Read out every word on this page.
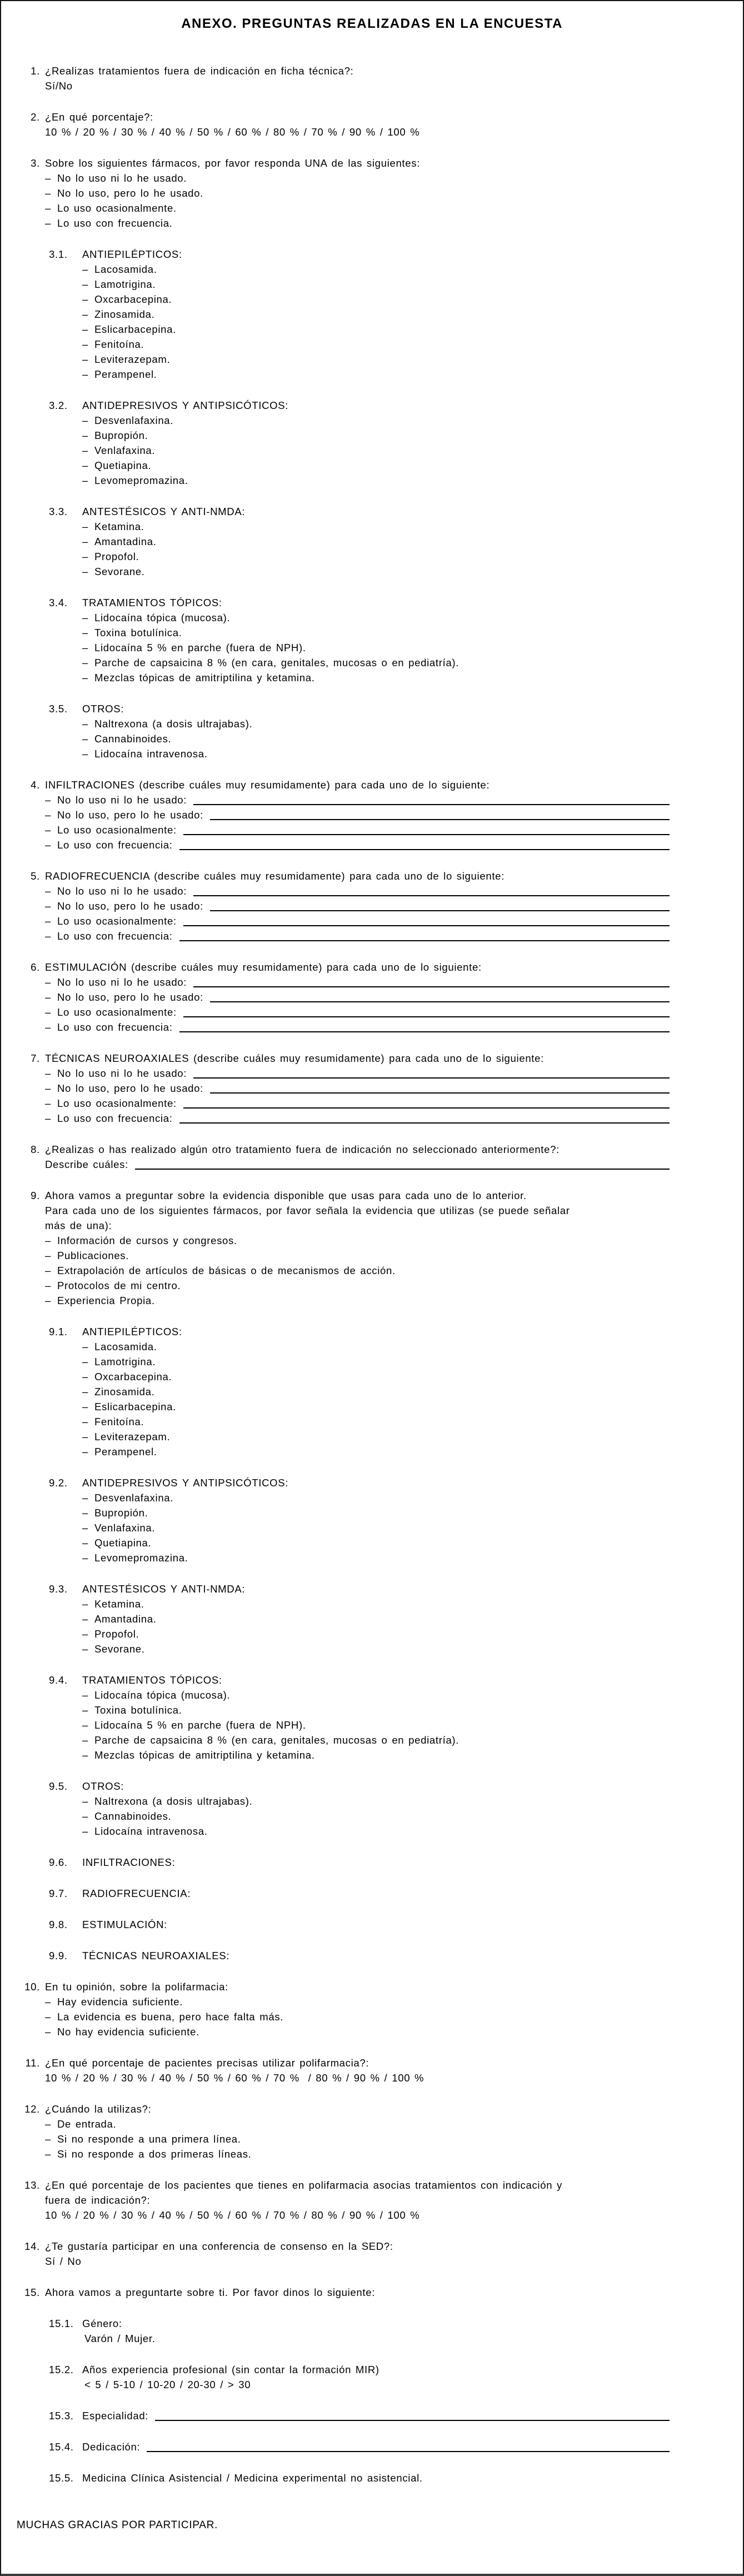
ANEXO. PREGUNTAS REALIZADAS EN LA ENCUESTA
1. ¿Realizas tratamientos fuera de indicación en ficha técnica?:
Sí/No
2. ¿En qué porcentaje?:
10 % / 20 % / 30 % / 40 % / 50 % / 60 % / 80 % / 70 % / 90 % / 100 %
3. Sobre los siguientes fármacos, por favor responda UNA de las siguientes:
– No lo uso ni lo he usado.
– No lo uso, pero lo he usado.
– Lo uso ocasionalmente.
– Lo uso con frecuencia.
3.1.	ANTIEPILÉPTICOS:
– Lacosamida.
– Lamotrigina.
– Oxcarbacepina.
– Zinosamida.
– Eslicarbacepina.
– Fenitoína.
– Leviterazepam.
– Perampenel.
3.2.	ANTIDEPRESIVOS Y ANTIPSICÓTICOS:
– Desvenlafaxina.
– Bupropión.
– Venlafaxina.
– Quetiapina.
– Levomepromazina.
3.3.	ANTESTÉSICOS Y ANTI-NMDA:
– Ketamina.
– Amantadina.
– Propofol.
– Sevorane.
3.4.	TRATAMIENTOS TÓPICOS:
– Lidocaína tópica (mucosa).
– Toxina botulínica.
– Lidocaína 5 % en parche (fuera de NPH).
– Parche de capsaicina 8 % (en cara, genitales, mucosas o en pediatría).
– Mezclas tópicas de amitriptilina y ketamina.
3.5.	OTROS:
– Naltrexona (a dosis ultrajabas).
– Cannabinoides.
– Lidocaína intravenosa.
4. INFILTRACIONES (describe cuáles muy resumidamente) para cada uno de lo siguiente:
– No lo uso ni lo he usado:
– No lo uso, pero lo he usado:
– Lo uso ocasionalmente:
– Lo uso con frecuencia:
5. RADIOFRECUENCIA (describe cuáles muy resumidamente) para cada uno de lo siguiente:
– No lo uso ni lo he usado:
– No lo uso, pero lo he usado:
– Lo uso ocasionalmente:
– Lo uso con frecuencia:
6. ESTIMULACIÓN (describe cuáles muy resumidamente) para cada uno de lo siguiente:
– No lo uso ni lo he usado:
– No lo uso, pero lo he usado:
– Lo uso ocasionalmente:
– Lo uso con frecuencia:
7. TÉCNICAS NEUROAXIALES (describe cuáles muy resumidamente) para cada uno de lo siguiente:
– No lo uso ni lo he usado:
– No lo uso, pero lo he usado:
– Lo uso ocasionalmente:
– Lo uso con frecuencia:
8. ¿Realizas o has realizado algún otro tratamiento fuera de indicación no seleccionado anteriormente?:
Describe cuáles:
9. Ahora vamos a preguntar sobre la evidencia disponible que usas para cada uno de lo anterior.
Para cada uno de los siguientes fármacos, por favor señala la evidencia que utilizas (se puede señalar
más de una):
– Información de cursos y congresos.
– Publicaciones.
– Extrapolación de artículos de básicas o de mecanismos de acción.
– Protocolos de mi centro.
– Experiencia Propia.
9.1.	ANTIEPILÉPTICOS:
– Lacosamida.
– Lamotrigina.
– Oxcarbacepina.
– Zinosamida.
– Eslicarbacepina.
– Fenitoína.
– Leviterazepam.
– Perampenel.
9.2.	ANTIDEPRESIVOS Y ANTIPSICÓTICOS:
– Desvenlafaxina.
– Bupropión.
– Venlafaxina.
– Quetiapina.
– Levomepromazina.
9.3.	ANTESTÉSICOS Y ANTI-NMDA:
– Ketamina.
– Amantadina.
– Propofol.
– Sevorane.
9.4.	TRATAMIENTOS TÓPICOS:
– Lidocaína tópica (mucosa).
– Toxina botulínica.
– Lidocaína 5 % en parche (fuera de NPH).
– Parche de capsaicina 8 % (en cara, genitales, mucosas o en pediatría).
– Mezclas tópicas de amitriptilina y ketamina.
9.5.	OTROS:
– Naltrexona (a dosis ultrajabas).
– Cannabinoides.
– Lidocaína intravenosa.
9.6.	INFILTRACIONES:
9.7.	RADIOFRECUENCIA:
9.8.	ESTIMULACIÓN:
9.9.	TÉCNICAS NEUROAXIALES:
10. En tu opinión, sobre la polifarmacia:
– Hay evidencia suficiente.
– La evidencia es buena, pero hace falta más.
– No hay evidencia suficiente.
11. ¿En qué porcentaje de pacientes precisas utilizar polifarmacia?:
10 % / 20 % / 30 % / 40 % / 50 % / 60 % / 70 %  / 80 % / 90 % / 100 %
12. ¿Cuándo la utilizas?:
– De entrada.
– Si no responde a una primera línea.
– Si no responde a dos primeras líneas.
13. ¿En qué porcentaje de los pacientes que tienes en polifarmacia asocias tratamientos con indicación y
fuera de indicación?:
10 % / 20 % / 30 % / 40 % / 50 % / 60 % / 70 % / 80 % / 90 % / 100 %
14. ¿Te gustaría participar en una conferencia de consenso en la SED?:
Sí / No
15. Ahora vamos a preguntarte sobre ti. Por favor dinos lo siguiente:
15.1. Género:
Varón / Mujer.
15.2. Años experiencia profesional (sin contar la formación MIR)
< 5 / 5-10 / 10-20 / 20-30 / > 30
15.3. Especialidad:
15.4. Dedicación:
15.5. Medicina Clínica Asistencial / Medicina experimental no asistencial.
MUCHAS GRACIAS POR PARTICIPAR.
